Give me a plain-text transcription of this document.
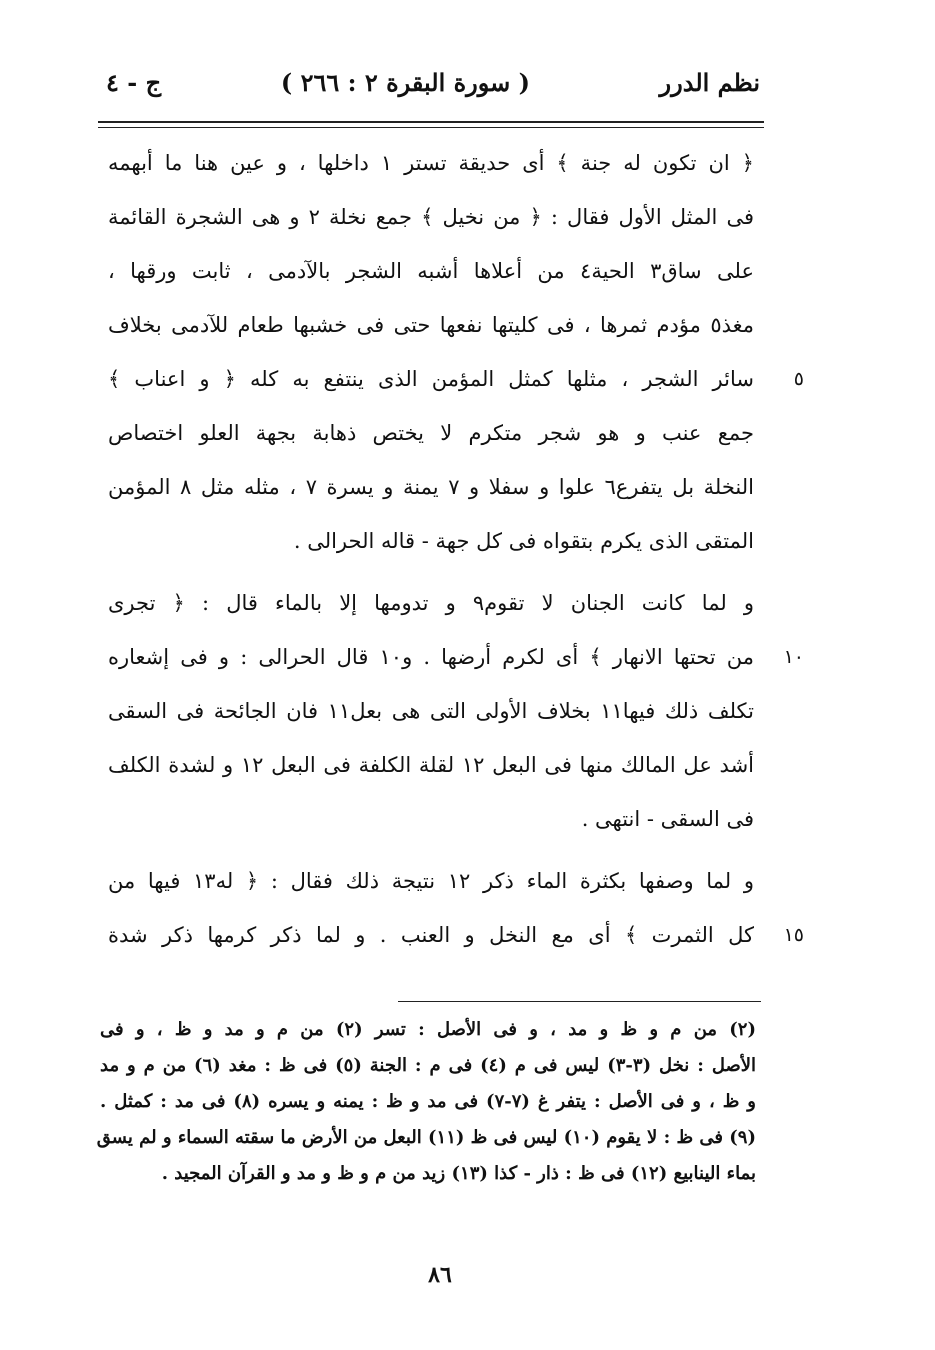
نظم الدرر
( سورة البقرة ٢ : ٢٦٦ )
ج - ٤
﴿ ان تكون له جنة ﴾ أى حديقة تستر ١ داخلها ، و عين هنا ما أبهمه
فى المثل الأول فقال : ﴿ من نخيل ﴾ جمع نخلة ٢ و هى الشجرة القائمة
على ساق٣ الحية٤ من أعلاها أشبه الشجر بالآدمى ، ثابت ورقها ،
مغذ٥ مؤدم ثمرها ، فى كليتها نفعها حتى فى خشبها طعام للآدمى بخلاف
٥
سائر الشجر ، مثلها كمثل المؤمن الذى ينتفع به كله ﴿ و اعناب ﴾
جمع عنب و هو شجر متكرم لا يختص ذهابة بجهة العلو اختصاص
النخلة بل يتفرع٦ علوا و سفلا و ٧ يمنة و يسرة ٧ ، مثله مثل ٨ المؤمن
المتقى الذى يكرم بتقواه فى كل جهة - قاله الحرالى .
و لما كانت الجنان لا تقوم٩ و تدومها إلا بالماء قال : ﴿ تجرى
١٠
من تحتها الانهار ﴾ أى لكرم أرضها . و١٠ قال الحرالى : و فى إشعاره
تكلف ذلك فيها١١ بخلاف الأولى التى هى بعل١١ فان الجائحة فى السقى
أشد عل المالك منها فى البعل ١٢ لقلة الكلفة فى البعل ١٢ و لشدة الكلف
فى السقى - انتهى .
و لما وصفها بكثرة الماء ذكر ١٢ نتيجة ذلك فقال : ﴿ له١٣ فيها من
١٥
كل الثمرت ﴾ أى مع النخل و العنب . و لما ذكر كرمها ذكر شدة
(٢) من م و ظ و مد ، و فى الأصل : تسر (٢) من م و مد و ظ ، و فى
الأصل : نخل (٣-٣) ليس فى م (٤) فى م : الجنة (٥) فى ظ : مغد (٦) من م و مد
و ظ ، و فى الأصل : يتفر غ (٧-٧) فى مد و ظ : يمنه و يسره (٨) فى مد : كمثل .
(٩) فى ظ : لا يقوم (١٠) ليس فى ظ (١١) البعل من الأرض ما سقته السماء و لم يسق
بماء الينابيع (١٢) فى ظ : ذار - كذا (١٣) زيد من م و ظ و مد و القرآن المجيد .
٨٦
